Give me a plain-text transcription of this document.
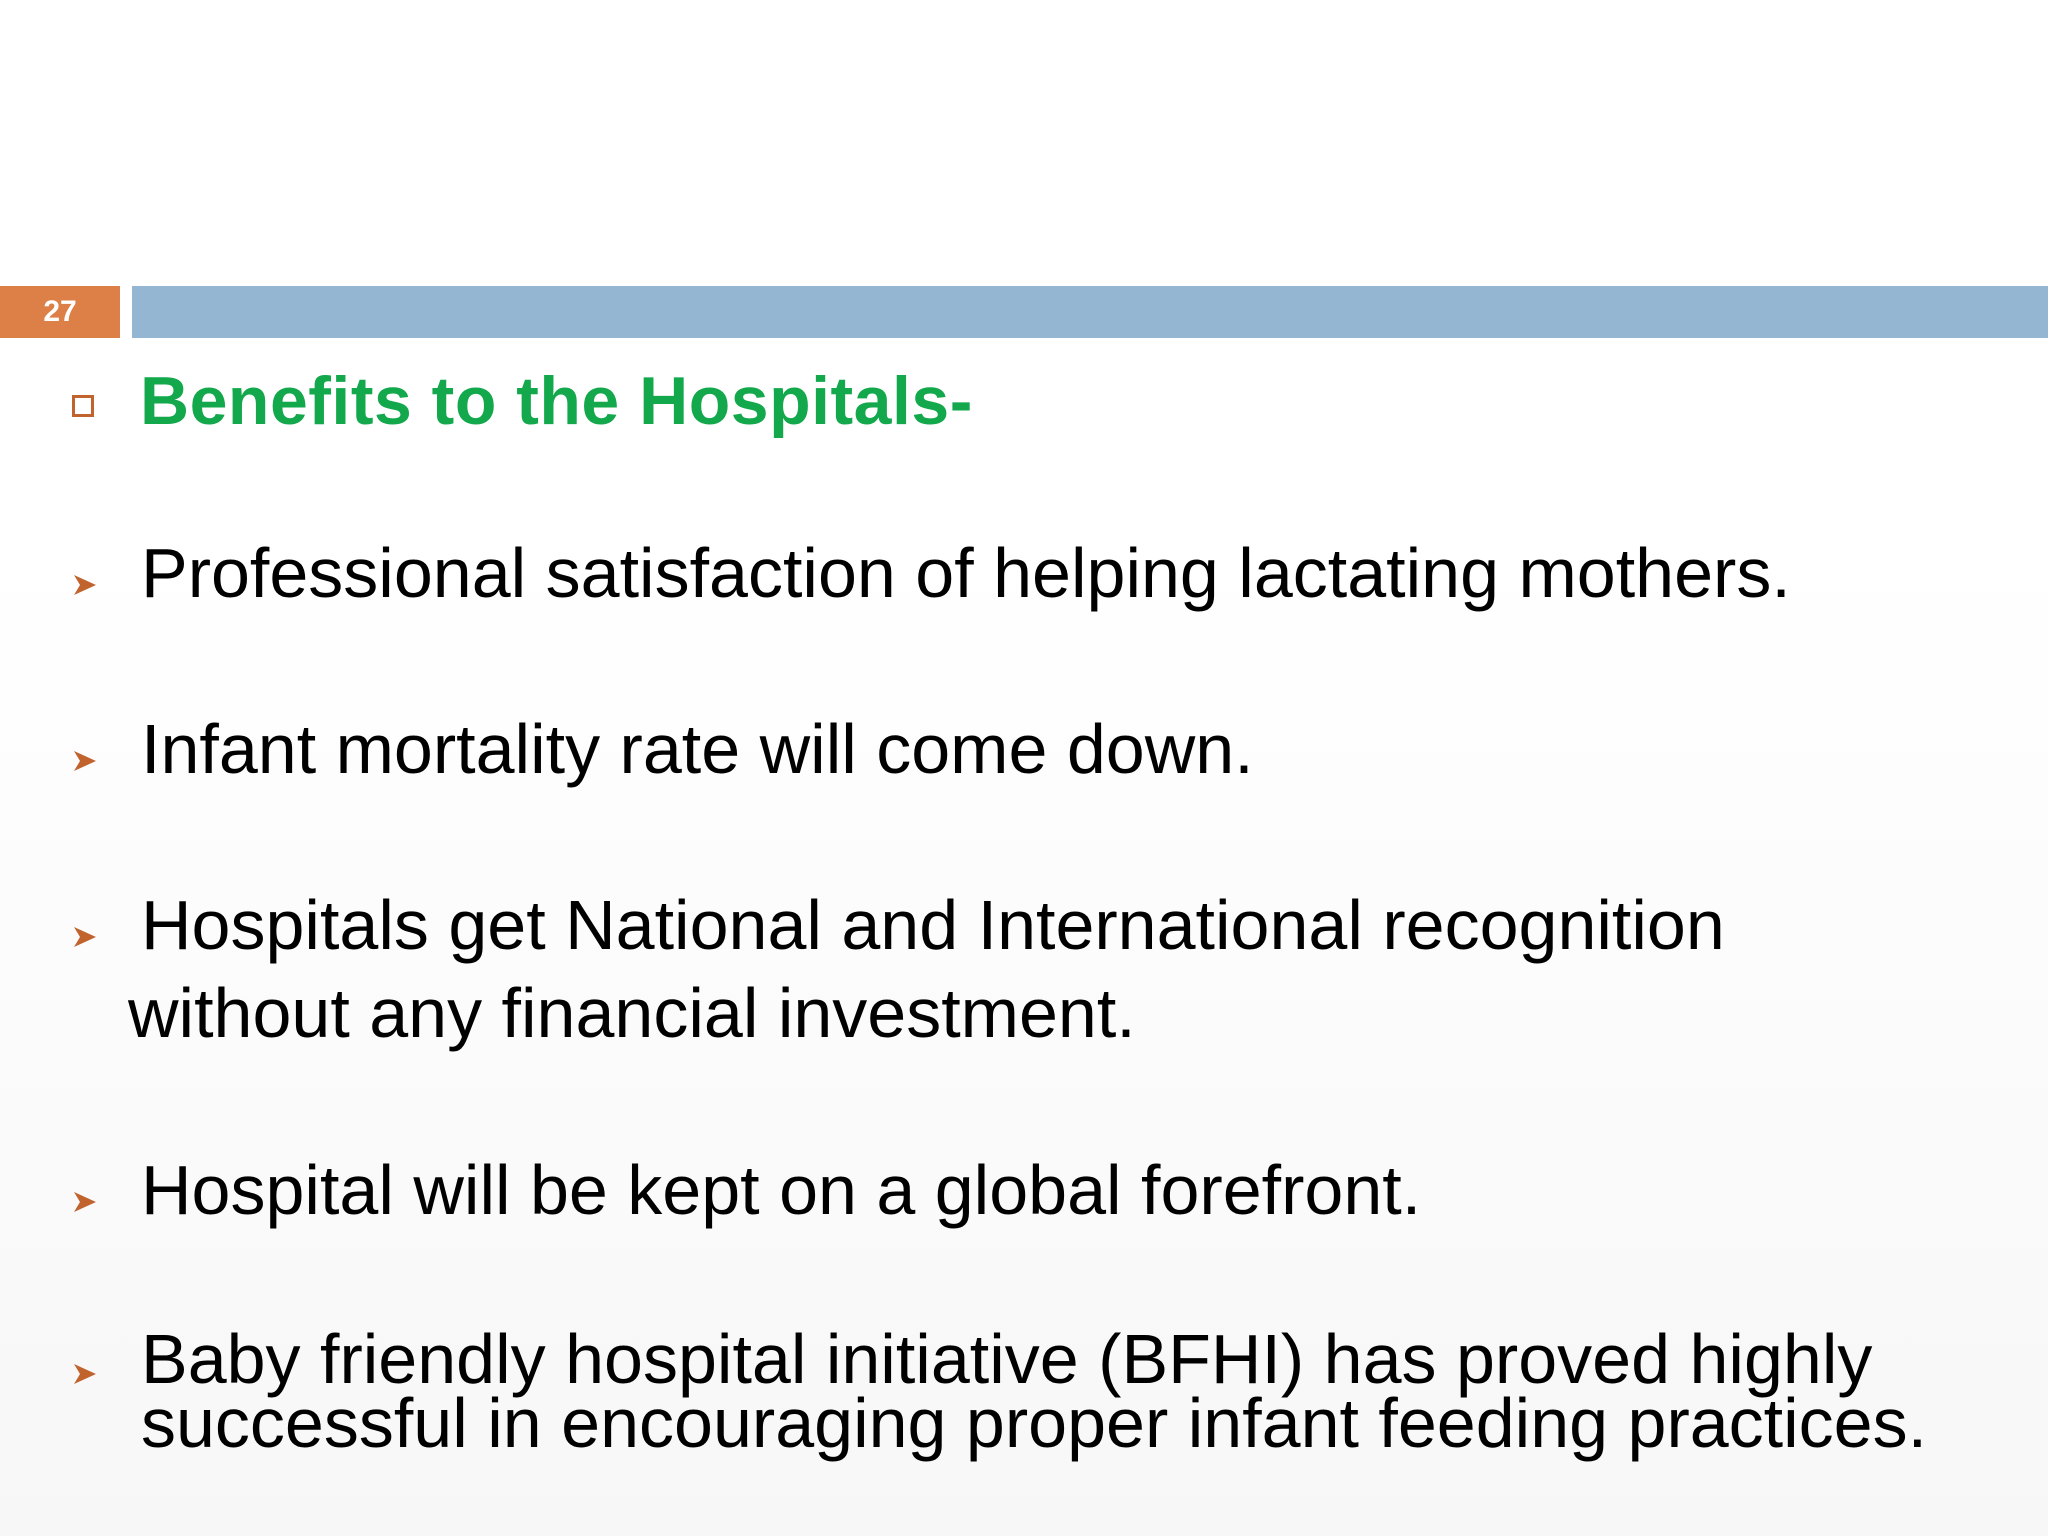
27
Benefits to the Hospitals-
Professional satisfaction of helping lactating mothers.
Infant mortality rate will come down.
Hospitals get National and International recognition
without any financial investment.
Hospital will be kept on a global forefront.
Baby friendly hospital initiative (BFHI) has proved highly
successful in encouraging proper infant feeding practices.
